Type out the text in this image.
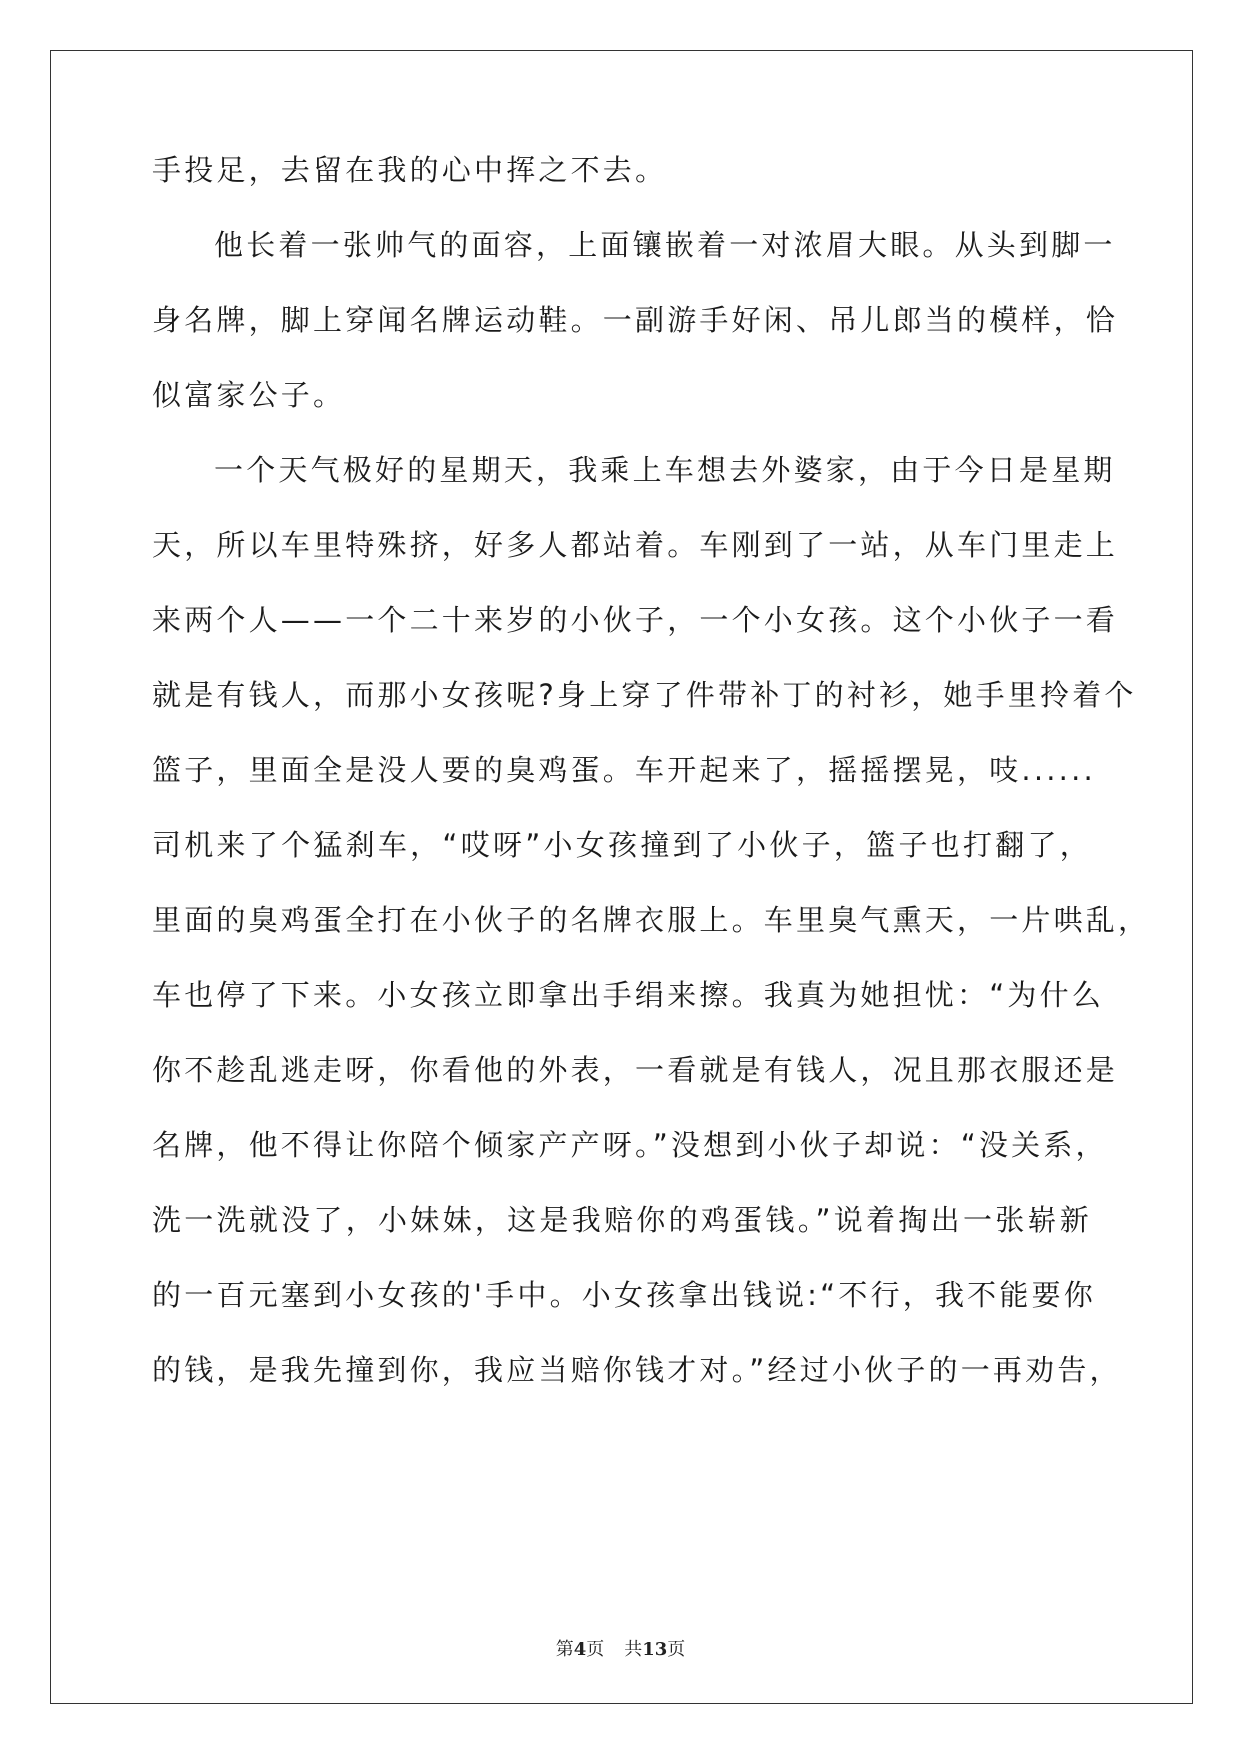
手投足，去留在我的心中挥之不去。
他长着一张帅气的面容，上面镶嵌着一对浓眉大眼。从头到脚一
身名牌，脚上穿闻名牌运动鞋。一副游手好闲、吊儿郎当的模样，恰
似富家公子。
一个天气极好的星期天，我乘上车想去外婆家，由于今日是星期
天，所以车里特殊挤，好多人都站着。车刚到了一站，从车门里走上
来两个人——一个二十来岁的小伙子，一个小女孩。这个小伙子一看
就是有钱人，而那小女孩呢?身上穿了件带补丁的衬衫，她手里拎着个
篮子，里面全是没人要的臭鸡蛋。车开起来了，摇摇摆晃，吱......
司机来了个猛刹车，“哎呀”小女孩撞到了小伙子，篮子也打翻了，
里面的臭鸡蛋全打在小伙子的名牌衣服上。车里臭气熏天，一片哄乱，
车也停了下来。小女孩立即拿出手绢来擦。我真为她担忧：“为什么
你不趁乱逃走呀，你看他的外表，一看就是有钱人，况且那衣服还是
名牌，他不得让你陪个倾家产产呀。”没想到小伙子却说：“没关系，
洗一洗就没了，小妹妹，这是我赔你的鸡蛋钱。”说着掏出一张崭新
的一百元塞到小女孩的'手中。小女孩拿出钱说:“不行，我不能要你
的钱，是我先撞到你，我应当赔你钱才对。”经过小伙子的一再劝告，
第4页 共13页
